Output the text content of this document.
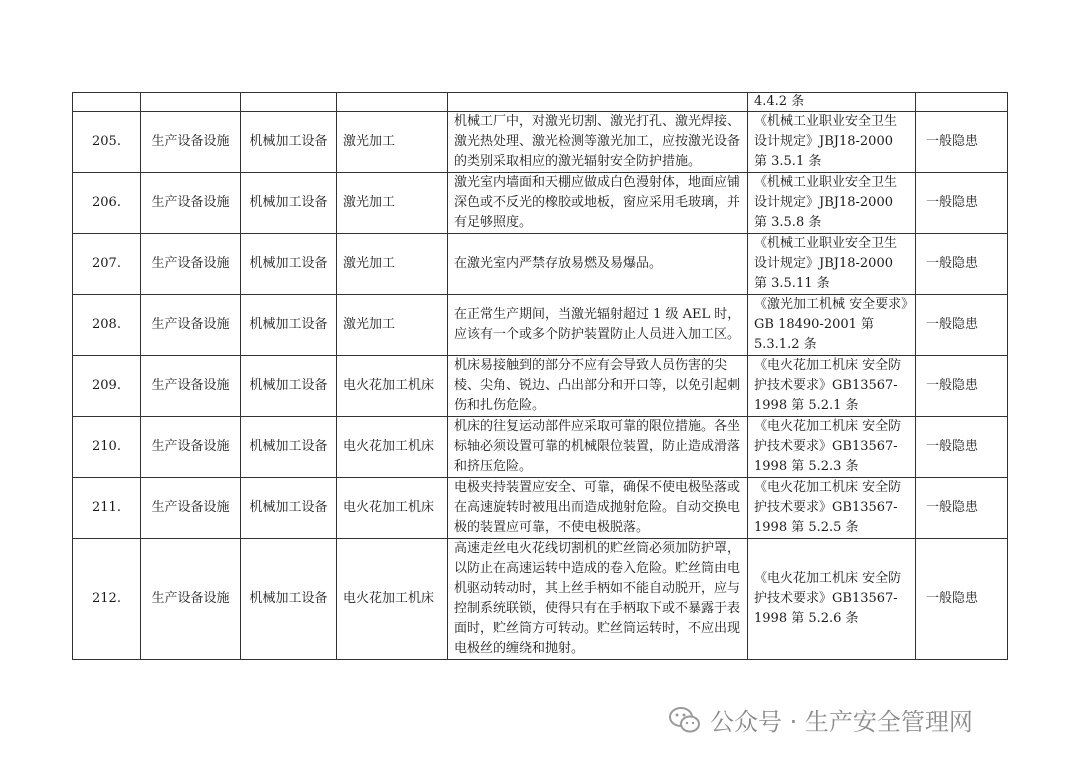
					4.4.2 条	
205.	生产设备设施	机械加工设备	激光加工	机械工厂中，对激光切割、激光打孔、激光焊接、激光热处理、激光检测等激光加工，应按激光设备的类别采取相应的激光辐射安全防护措施。	《机械工业职业安全卫生设计规定》JBJ18-2000 第 3.5.1 条	一般隐患
206.	生产设备设施	机械加工设备	激光加工	激光室内墙面和天棚应做成白色漫射体，地面应铺深色或不反光的橡胶或地板，窗应采用毛玻璃，并有足够照度。	《机械工业职业安全卫生设计规定》JBJ18-2000 第 3.5.8 条	一般隐患
207.	生产设备设施	机械加工设备	激光加工	在激光室内严禁存放易燃及易爆品。	《机械工业职业安全卫生设计规定》JBJ18-2000 第 3.5.11 条	一般隐患
208.	生产设备设施	机械加工设备	激光加工	在正常生产期间，当激光辐射超过 1 级 AEL 时，应该有一个或多个防护装置防止人员进入加工区。	《激光加工机械 安全要求》GB 18490-2001 第 5.3.1.2 条	一般隐患
209.	生产设备设施	机械加工设备	电火花加工机床	机床易接触到的部分不应有会导致人员伤害的尖棱、尖角、锐边、凸出部分和开口等，以免引起刺伤和扎伤危险。	《电火花加工机床 安全防护技术要求》GB13567-1998 第 5.2.1 条	一般隐患
210.	生产设备设施	机械加工设备	电火花加工机床	机床的往复运动部件应采取可靠的限位措施。各坐标轴必须设置可靠的机械限位装置，防止造成滑落和挤压危险。	《电火花加工机床 安全防护技术要求》GB13567-1998 第 5.2.3 条	一般隐患
211.	生产设备设施	机械加工设备	电火花加工机床	电极夹持装置应安全、可靠，确保不使电极坠落或在高速旋转时被甩出而造成抛射危险。自动交换电极的装置应可靠，不使电极脱落。	《电火花加工机床 安全防护技术要求》GB13567-1998 第 5.2.5 条	一般隐患
212.	生产设备设施	机械加工设备	电火花加工机床	高速走丝电火花线切割机的贮丝筒必须加防护罩，以防止在高速运转中造成的卷入危险。贮丝筒由电机驱动转动时，其上丝手柄如不能自动脱开，应与控制系统联锁，使得只有在手柄取下或不暴露于表面时，贮丝筒方可转动。贮丝筒运转时，不应出现电极丝的缠绕和抛射。	《电火花加工机床 安全防护技术要求》GB13567-1998 第 5.2.6 条	一般隐患
公众号 · 生产安全管理网
